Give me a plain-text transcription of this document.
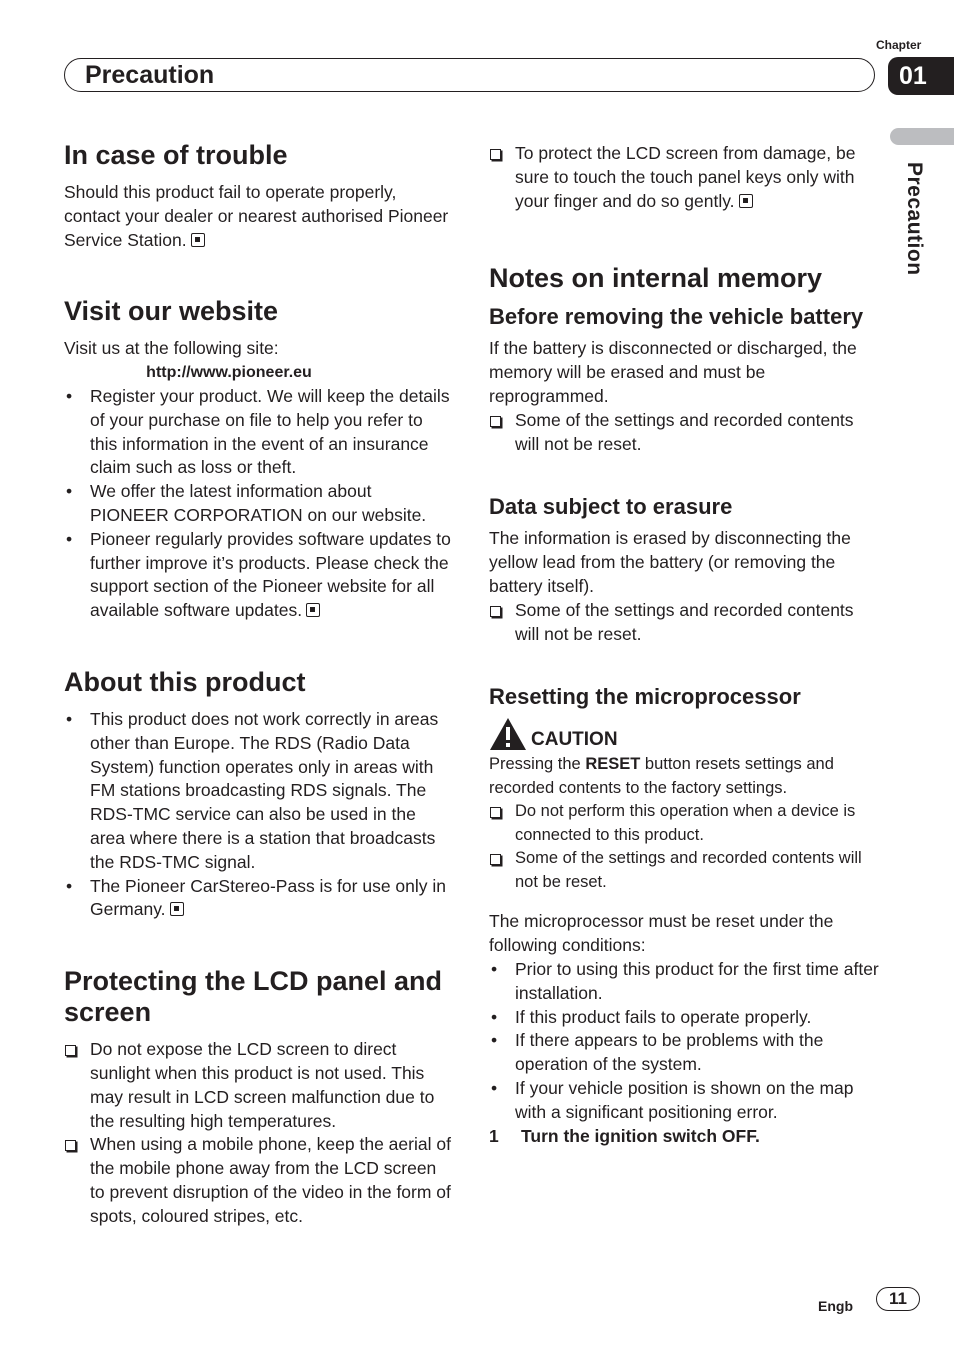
Chapter
01
Precaution
Precaution
In case of trouble

Should this product fail to operate properly, contact your dealer or nearest authorised Pioneer Service Station.

Visit our website

Visit us at the following site:

http://www.pioneer.eu

• Register your product. We will keep the details of your purchase on file to help you refer to this information in the event of an insurance claim such as loss or theft.
• We offer the latest information about PIONEER CORPORATION on our website.
• Pioneer regularly provides software updates to further improve it’s products. Please check the support section of the Pioneer website for all available software updates.
About this product
• This product does not work correctly in areas other than Europe. The RDS (Radio Data System) function operates only in areas with FM stations broadcasting RDS signals. The RDS-TMC service can also be used in the area where there is a station that broadcasts the RDS-TMC signal.
• The Pioneer CarStereo-Pass is for use only in Germany.
Protecting the LCD panel and screen
Do not expose the LCD screen to direct sunlight when this product is not used. This may result in LCD screen malfunction due to the resulting high temperatures.
When using a mobile phone, keep the aerial of the mobile phone away from the LCD screen to prevent disruption of the video in the form of spots, coloured stripes, etc.
To protect the LCD screen from damage, be sure to touch the touch panel keys only with your finger and do so gently.
Notes on internal memory
Before removing the vehicle battery

If the battery is disconnected or discharged, the memory will be erased and must be reprogrammed.

Some of the settings and recorded contents will not be reset.
Data subject to erasure

The information is erased by disconnecting the yellow lead from the battery (or removing the battery itself).

Some of the settings and recorded contents will not be reset.
Resetting the microprocessor
CAUTION

Pressing the RESET button resets settings and recorded contents to the factory settings.

Do not perform this operation when a device is connected to this product.
Some of the settings and recorded contents will not be reset.

The microprocessor must be reset under the following conditions:

• Prior to using this product for the first time after installation.
• If this product fails to operate properly.
• If there appears to be problems with the operation of the system.
• If your vehicle position is shown on the map with a significant positioning error.

1 Turn the ignition switch OFF.

Engb	11
